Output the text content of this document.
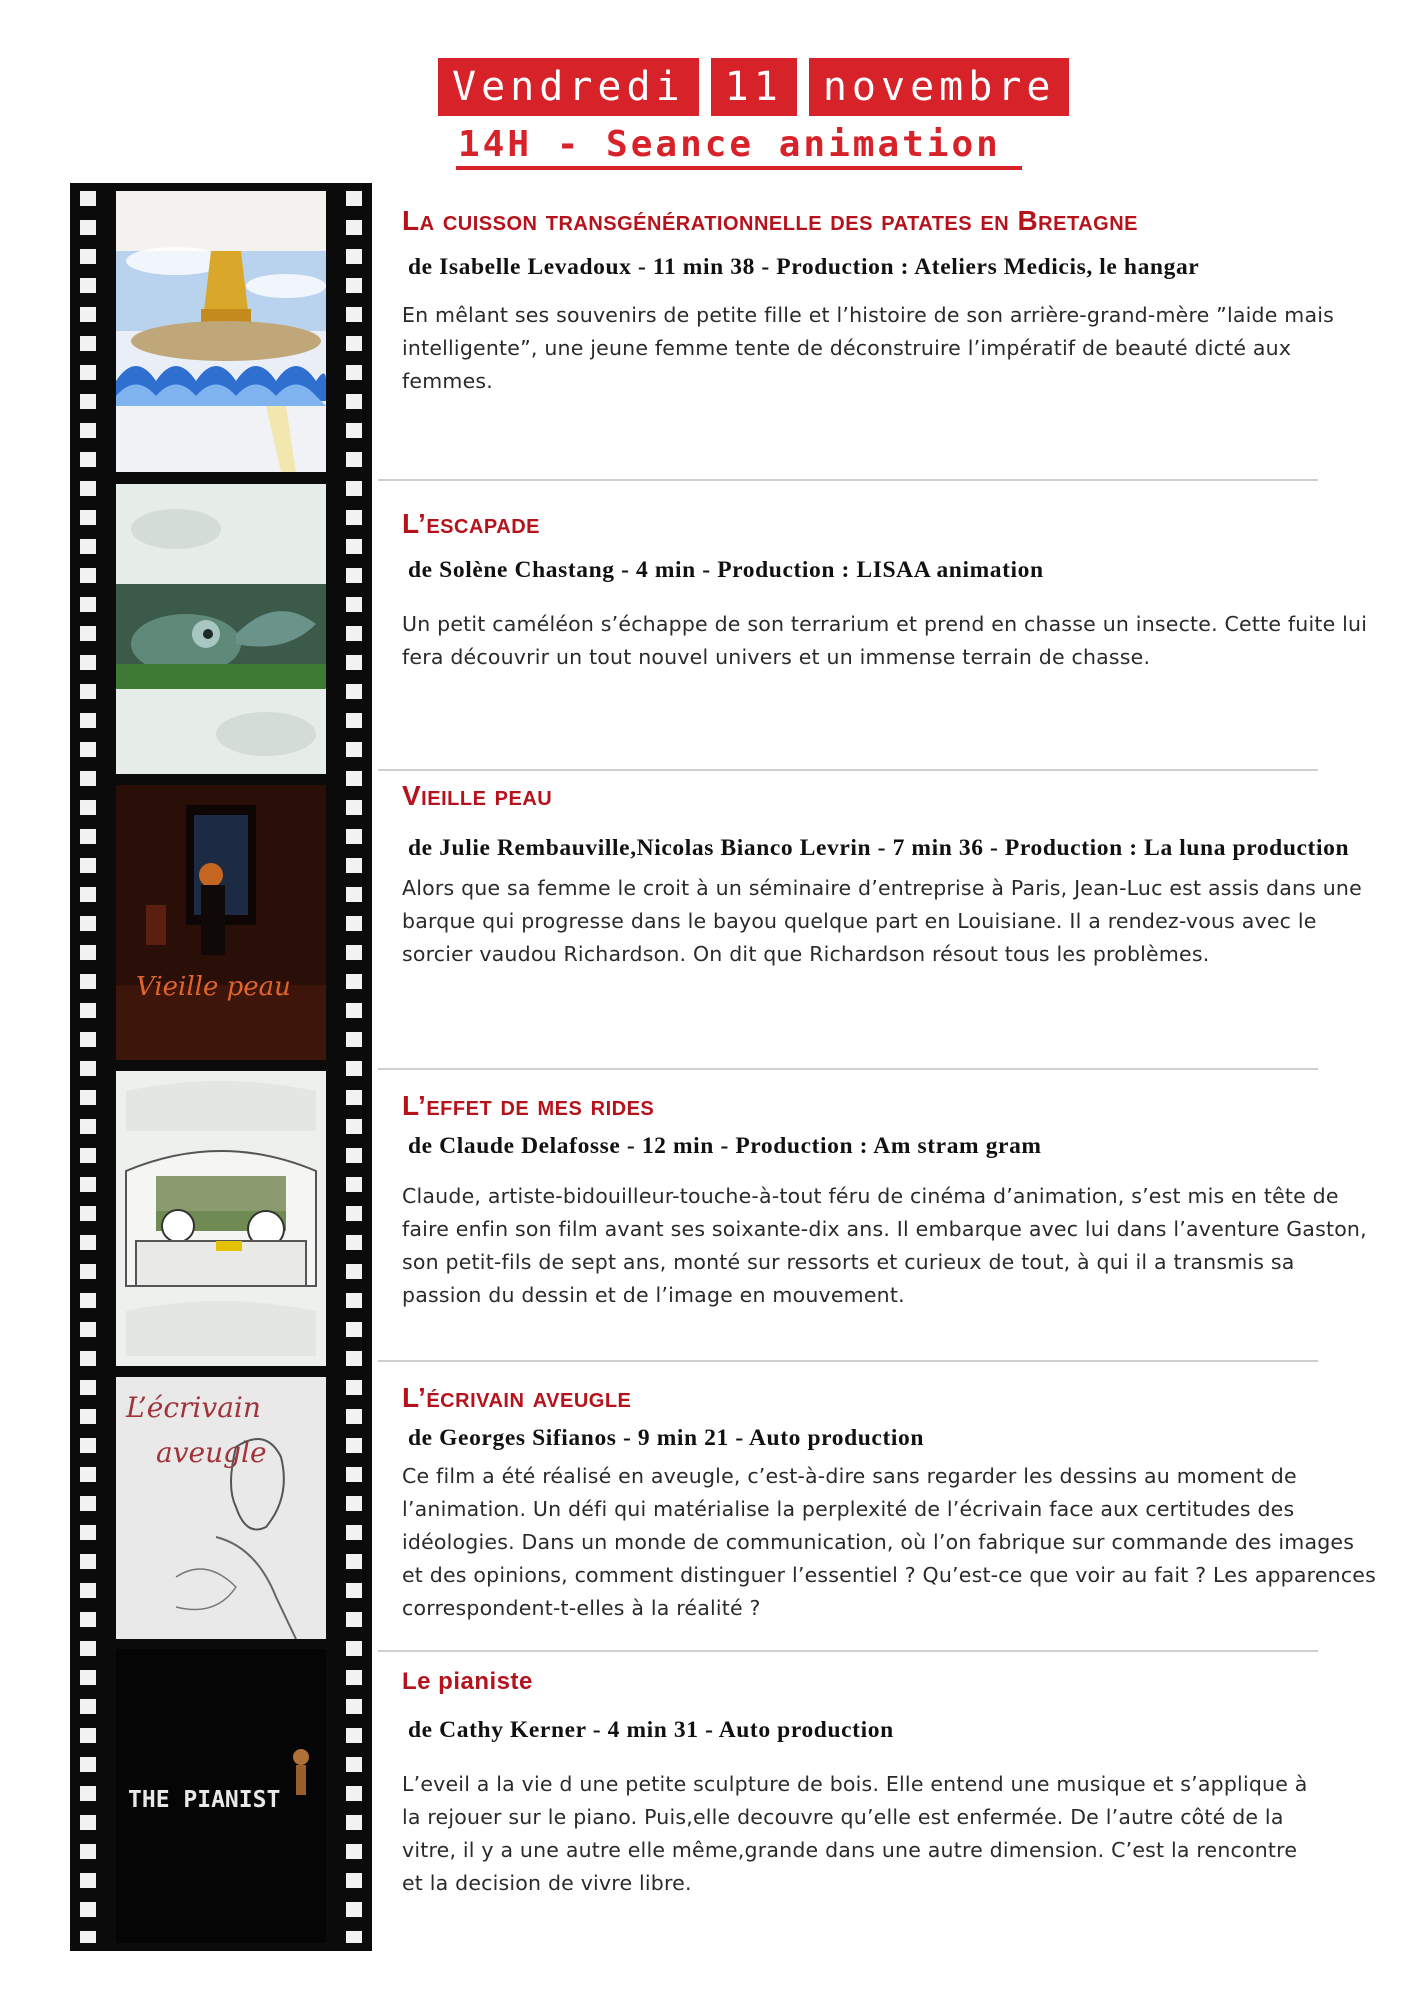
Vendredi	11	novembre
14H - Seance animation
Vieille peau
L’écrivain
aveugle
THE PIANIST
La cuisson transgénérationnelle des patates en Bretagne
de Isabelle Levadoux - 11 min 38 - Production : Ateliers Medicis, le hangar

En mêlant ses souvenirs de petite fille et l’histoire de son arrière-grand-mère ”laide mais intelligente”, une jeune femme tente de déconstruire l’impératif de beauté dicté aux femmes.

L’escapade
de Solène Chastang - 4 min - Production : LISAA animation

Un petit caméléon s’échappe de son terrarium et prend en chasse un insecte. Cette fuite lui fera découvrir un tout nouvel univers et un immense terrain de chasse.

Vieille peau
de Julie Rembauville,Nicolas Bianco Levrin - 7 min 36 - Production : La luna production

Alors que sa femme le croit à un séminaire d’entreprise à Paris, Jean-Luc est assis dans une barque qui progresse dans le bayou quelque part en Louisiane. Il a rendez-vous avec le sorcier vaudou Richardson. On dit que Richardson résout tous les problèmes.

L’effet de mes rides
de Claude Delafosse - 12 min - Production : Am stram gram

Claude, artiste-bidouilleur-touche-à-tout féru de cinéma d’animation, s’est mis en tête de faire enfin son film avant ses soixante-dix ans. Il embarque avec lui dans l’aventure Gaston, son petit-fils de sept ans, monté sur ressorts et curieux de tout, à qui il a transmis sa passion du dessin et de l’image en mouvement.

L’écrivain aveugle
de Georges Sifianos - 9 min 21 - Auto production

Ce film a été réalisé en aveugle, c’est-à-dire sans regarder les dessins au moment de l’animation. Un défi qui matérialise la perplexité de l’écrivain face aux certitudes des idéologies. Dans un monde de communication, où l’on fabrique sur commande des images et des opinions, comment distinguer l’essentiel ? Qu’est-ce que voir au fait ? Les apparences correspondent-t-elles à la réalité ?

Le pianiste
de Cathy Kerner - 4 min 31 - Auto production

L’eveil a la vie d une petite sculpture de bois. Elle entend une musique et s’applique à la rejouer sur le piano. Puis,elle decouvre qu’elle est enfermée. De l’autre côté de la vitre, il y a une autre elle même,grande dans une autre dimension. C’est la rencontre et la decision de vivre libre.
